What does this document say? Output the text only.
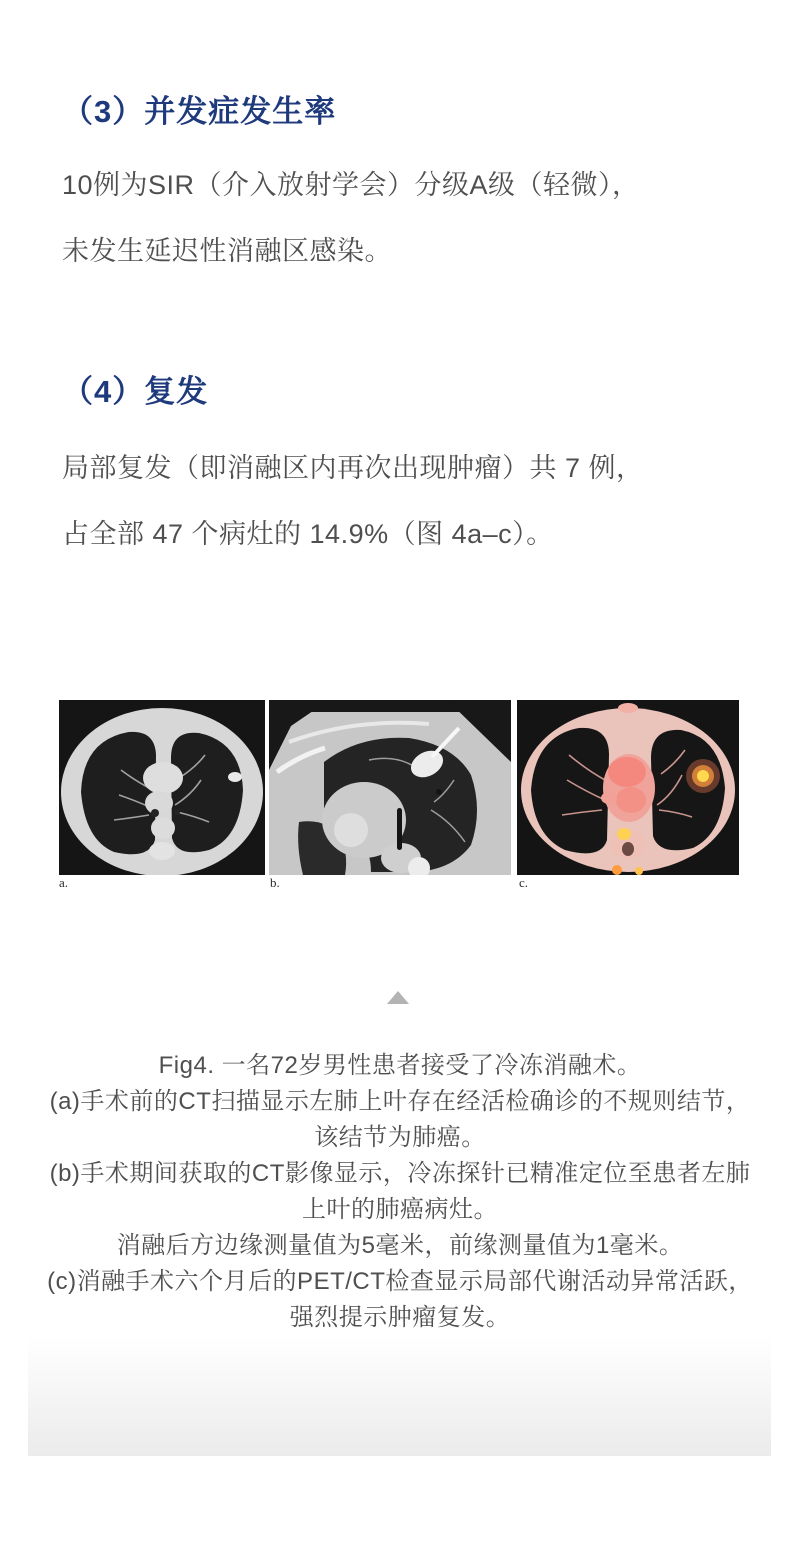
（3）并发症发生率
10例为SIR（介入放射学会）分级A级（轻微），
未发生延迟性消融区感染。
（4）复发
局部复发（即消融区内再次出现肿瘤）共 7 例，
占全部 47 个病灶的 14.9%（图 4a–c）。
a.	b.	c.
Fig4. 一名72岁男性患者接受了冷冻消融术。
(a)手术前的CT扫描显示左肺上叶存在经活检确诊的不规则结节，
该结节为肺癌。
(b)手术期间获取的CT影像显示，冷冻探针已精准定位至患者左肺
上叶的肺癌病灶。
消融后方边缘测量值为5毫米，前缘测量值为1毫米。
(c)消融手术六个月后的PET/CT检查显示局部代谢活动异常活跃，
强烈提示肿瘤复发。
